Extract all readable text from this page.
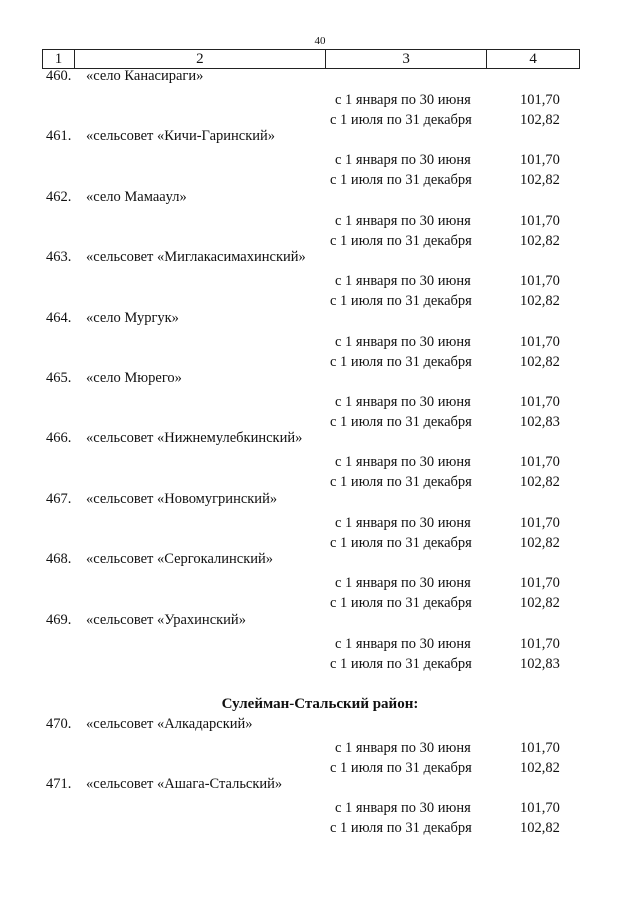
40
1	2	3	4
460. «село Канасираги»
с 1 января по 30 июня	101,70
с 1 июля по 31 декабря	102,82
461. «сельсовет «Кичи-Гаринский»
с 1 января по 30 июня	101,70
с 1 июля по 31 декабря	102,82
462. «село Мамаaул»
с 1 января по 30 июня	101,70
с 1 июля по 31 декабря	102,82
463. «сельсовет «Миглакасимахинский»
с 1 января по 30 июня	101,70
с 1 июля по 31 декабря	102,82
464. «село Мургук»
с 1 января по 30 июня	101,70
с 1 июля по 31 декабря	102,82
465. «село Мюрего»
с 1 января по 30 июня	101,70
с 1 июля по 31 декабря	102,83
466. «сельсовет «Нижнемулебкинский»
с 1 января по 30 июня	101,70
с 1 июля по 31 декабря	102,82
467. «сельсовет «Новомугринский»
с 1 января по 30 июня	101,70
с 1 июля по 31 декабря	102,82
468. «сельсовет «Сергокалинский»
с 1 января по 30 июня	101,70
с 1 июля по 31 декабря	102,82
469. «сельсовет «Урахинский»
с 1 января по 30 июня	101,70
с 1 июля по 31 декабря	102,83
Сулейман-Стальский район:
470. «сельсовет «Алкадарский»
с 1 января по 30 июня	101,70
с 1 июля по 31 декабря	102,82
471. «сельсовет «Ашага-Стальский»
с 1 января по 30 июня	101,70
с 1 июля по 31 декабря	102,82
